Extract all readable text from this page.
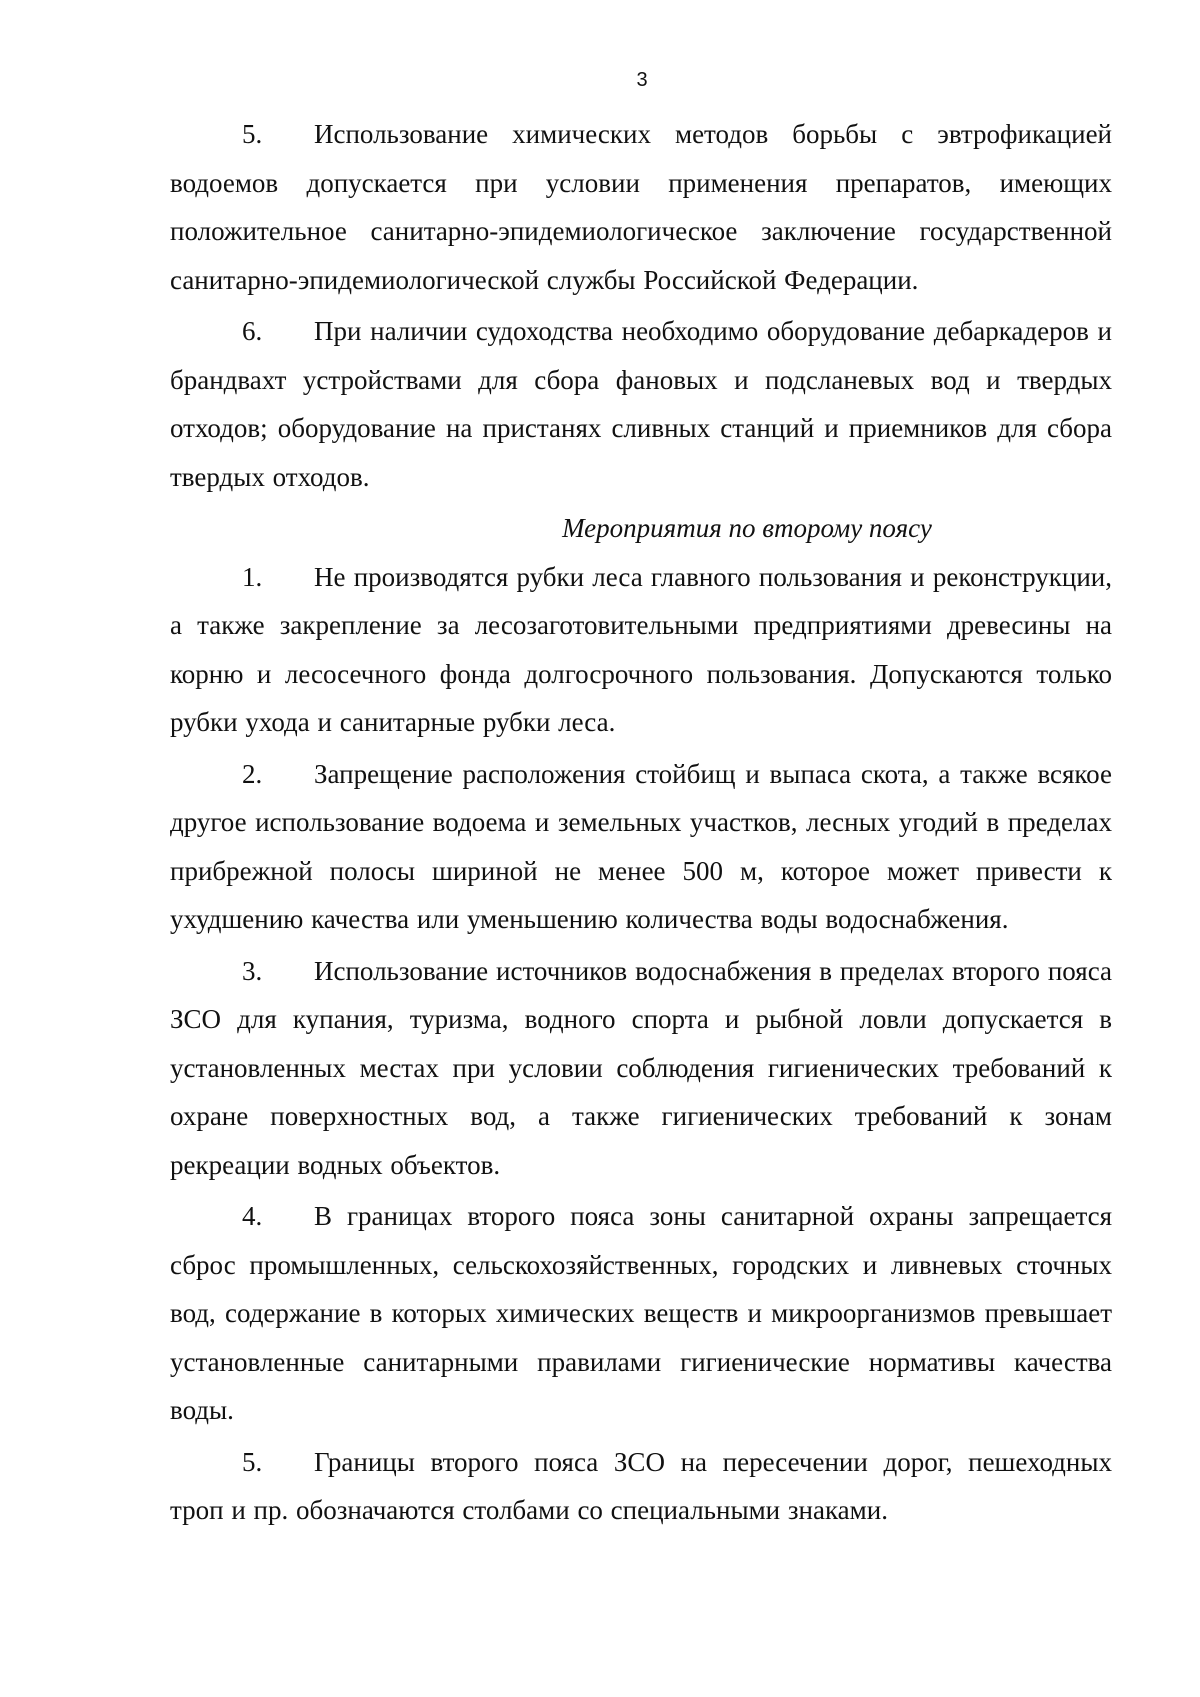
3

5. Использование химических методов борьбы с эвтрофикацией водоемов допускается при условии применения препаратов, имеющих положительное санитарно-эпидемиологическое заключение государственной санитарно-эпидемиологической службы Российской Федерации.

6. При наличии судоходства необходимо оборудование дебаркадеров и брандвахт устройствами для сбора фановых и подсланевых вод и твердых отходов; оборудование на пристанях сливных станций и приемников для сбора твердых отходов.

Мероприятия по второму поясу

1. Не производятся рубки леса главного пользования и реконструкции, а также закрепление за лесозаготовительными предприятиями древесины на корню и лесосечного фонда долгосрочного пользования. Допускаются только рубки ухода и санитарные рубки леса.

2. Запрещение расположения стойбищ и выпаса скота, а также всякое другое использование водоема и земельных участков, лесных угодий в пределах прибрежной полосы шириной не менее 500 м, которое может привести к ухудшению качества или уменьшению количества воды водоснабжения.

3. Использование источников водоснабжения в пределах второго пояса ЗСО для купания, туризма, водного спорта и рыбной ловли допускается в установленных местах при условии соблюдения гигиенических требований к охране поверхностных вод, а также гигиенических требований к зонам рекреации водных объектов.

4. В границах второго пояса зоны санитарной охраны запрещается сброс промышленных, сельскохозяйственных, городских и ливневых сточных вод, содержание в которых химических веществ и микроорганизмов превышает установленные санитарными правилами гигиенические нормативы качества воды.

5. Границы второго пояса ЗСО на пересечении дорог, пешеходных троп и пр. обозначаются столбами со специальными знаками.
